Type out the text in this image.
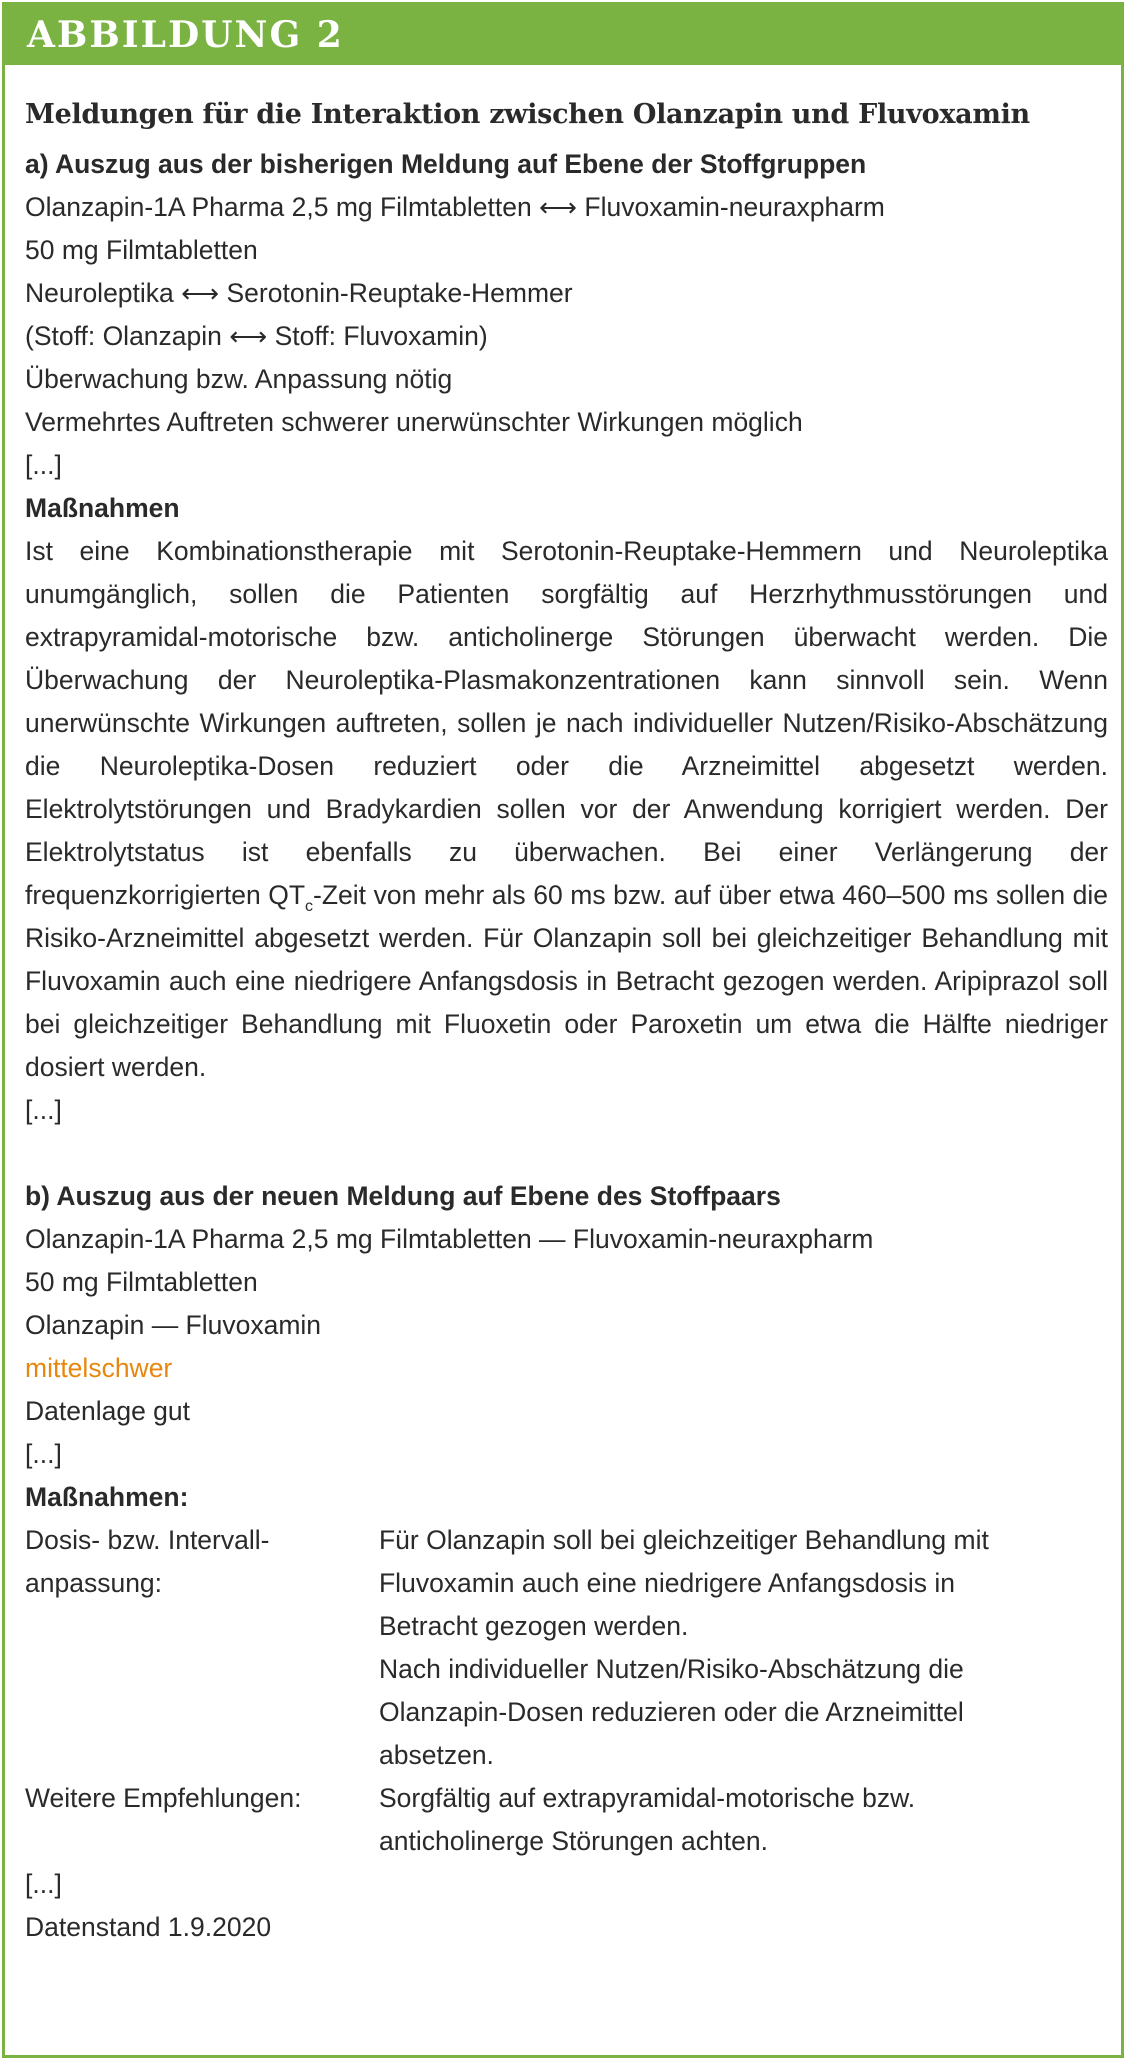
ABBILDUNG 2

Meldungen für die Interaktion zwischen Olanzapin und Fluvoxamin

a) Auszug aus der bisherigen Meldung auf Ebene der Stoffgruppen

Olanzapin-1A Pharma 2,5 mg Filmtabletten ⟷ Fluvoxamin-neuraxpharm

50 mg Filmtabletten

Neuroleptika ⟷ Serotonin-Reuptake-Hemmer

(Stoff: Olanzapin ⟷ Stoff: Fluvoxamin)

Überwachung bzw. Anpassung nötig

Vermehrtes Auftreten schwerer unerwünschter Wirkungen möglich

[...]

Maßnahmen

Ist eine Kombinationstherapie mit Serotonin-Reuptake-Hemmern und Neuroleptika unumgänglich, sollen die Patienten sorgfältig auf Herzrhythmusstörungen und extrapyramidal-motorische bzw. anticholinerge Störungen überwacht werden. Die Überwachung der Neuroleptika-Plasmakonzentrationen kann sinnvoll sein. Wenn unerwünschte Wirkungen auftreten, sollen je nach individueller Nutzen/Risiko-Abschätzung die Neuroleptika-Dosen reduziert oder die Arzneimittel abgesetzt werden. Elektrolytstörungen und Bradykardien sollen vor der Anwendung korrigiert werden. Der Elektrolytstatus ist ebenfalls zu überwachen. Bei einer Verlängerung der frequenzkorrigierten $QT_c$-Zeit von mehr als 60 ms bzw. auf über etwa 460–500 ms sollen die Risiko-Arzneimittel abgesetzt werden. Für Olanzapin soll bei gleichzeitiger Behandlung mit Fluvoxamin auch eine niedrigere Anfangsdosis in Betracht gezogen werden. Aripiprazol soll bei gleichzeitiger Behandlung mit Fluoxetin oder Paroxetin um etwa die Hälfte niedriger dosiert werden.

[...]

b) Auszug aus der neuen Meldung auf Ebene des Stoffpaars

Olanzapin-1A Pharma 2,5 mg Filmtabletten — Fluvoxamin-neuraxpharm

50 mg Filmtabletten

Olanzapin — Fluvoxamin

mittelschwer

Datenlage gut

[...]

Maßnahmen:

Dosis- bzw. Intervall-
anpassung:
Für Olanzapin soll bei gleichzeitiger Behandlung mit
Fluvoxamin auch eine niedrigere Anfangsdosis in
Betracht gezogen werden.
Nach individueller Nutzen/Risiko-Abschätzung die
Olanzapin-Dosen reduzieren oder die Arzneimittel
absetzen.
Weitere Empfehlungen:	Sorgfältig auf extrapyramidal-motorische bzw.
anticholinerge Störungen achten.

[...]

Datenstand 1.9.2020
